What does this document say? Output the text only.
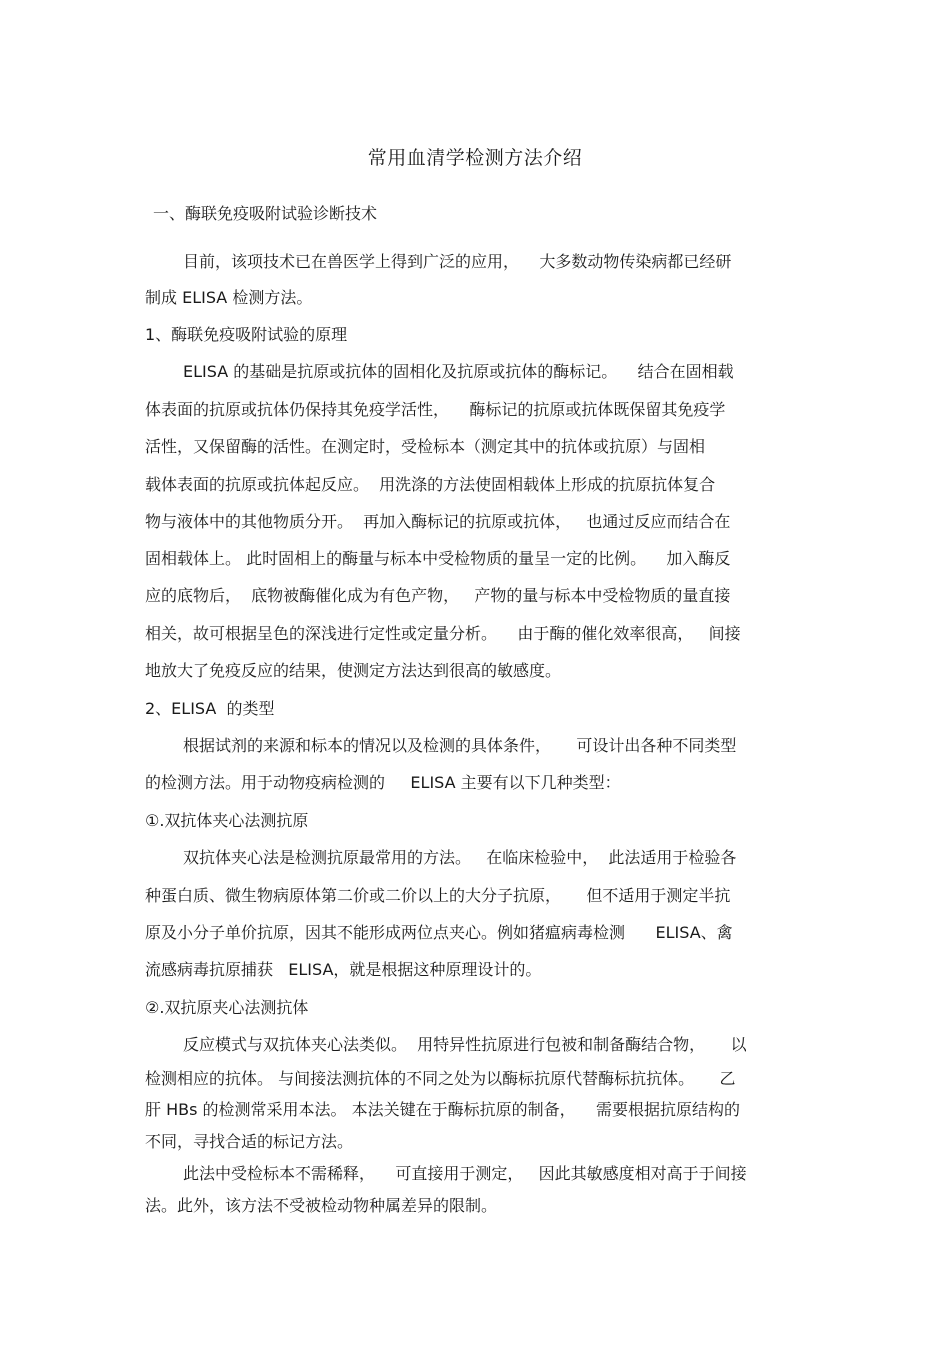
常用血清学检测方法介绍
一、酶联免疫吸附试验诊断技术
目前，该项技术已在兽医学上得到广泛的应用，    大多数动物传染病都已经研
制成 ELISA 检测方法。
1、酶联免疫吸附试验的原理
ELISA 的基础是抗原或抗体的固相化及抗原或抗体的酶标记。    结合在固相载
体表面的抗原或抗体仍保持其免疫学活性，    酶标记的抗原或抗体既保留其免疫学
活性，又保留酶的活性。在测定时，受检标本（测定其中的抗体或抗原）与固相
载体表面的抗原或抗体起反应。  用洗涤的方法使固相载体上形成的抗原抗体复合
物与液体中的其他物质分开。  再加入酶标记的抗原或抗体，   也通过反应而结合在
固相载体上。 此时固相上的酶量与标本中受检物质的量呈一定的比例。    加入酶反
应的底物后，  底物被酶催化成为有色产物，   产物的量与标本中受检物质的量直接
相关，故可根据呈色的深浅进行定性或定量分析。    由于酶的催化效率很高，   间接
地放大了免疫反应的结果，使测定方法达到很高的敏感度。
2、ELISA  的类型
根据试剂的来源和标本的情况以及检测的具体条件，     可设计出各种不同类型
的检测方法。用于动物疫病检测的     ELISA 主要有以下几种类型：
①.双抗体夹心法测抗原
双抗体夹心法是检测抗原最常用的方法。   在临床检验中，  此法适用于检验各
种蛋白质、微生物病原体第二价或二价以上的大分子抗原，     但不适用于测定半抗
原及小分子单价抗原，因其不能形成两位点夹心。例如猪瘟病毒检测      ELISA、禽
流感病毒抗原捕获   ELISA，就是根据这种原理设计的。
②.双抗原夹心法测抗体
反应模式与双抗体夹心法类似。  用特异性抗原进行包被和制备酶结合物，     以
检测相应的抗体。 与间接法测抗体的不同之处为以酶标抗原代替酶标抗抗体。     乙
肝 HBs 的检测常采用本法。 本法关键在于酶标抗原的制备，    需要根据抗原结构的
不同，寻找合适的标记方法。
此法中受检标本不需稀释，    可直接用于测定，   因此其敏感度相对高于于间接
法。此外，该方法不受被检动物种属差异的限制。
